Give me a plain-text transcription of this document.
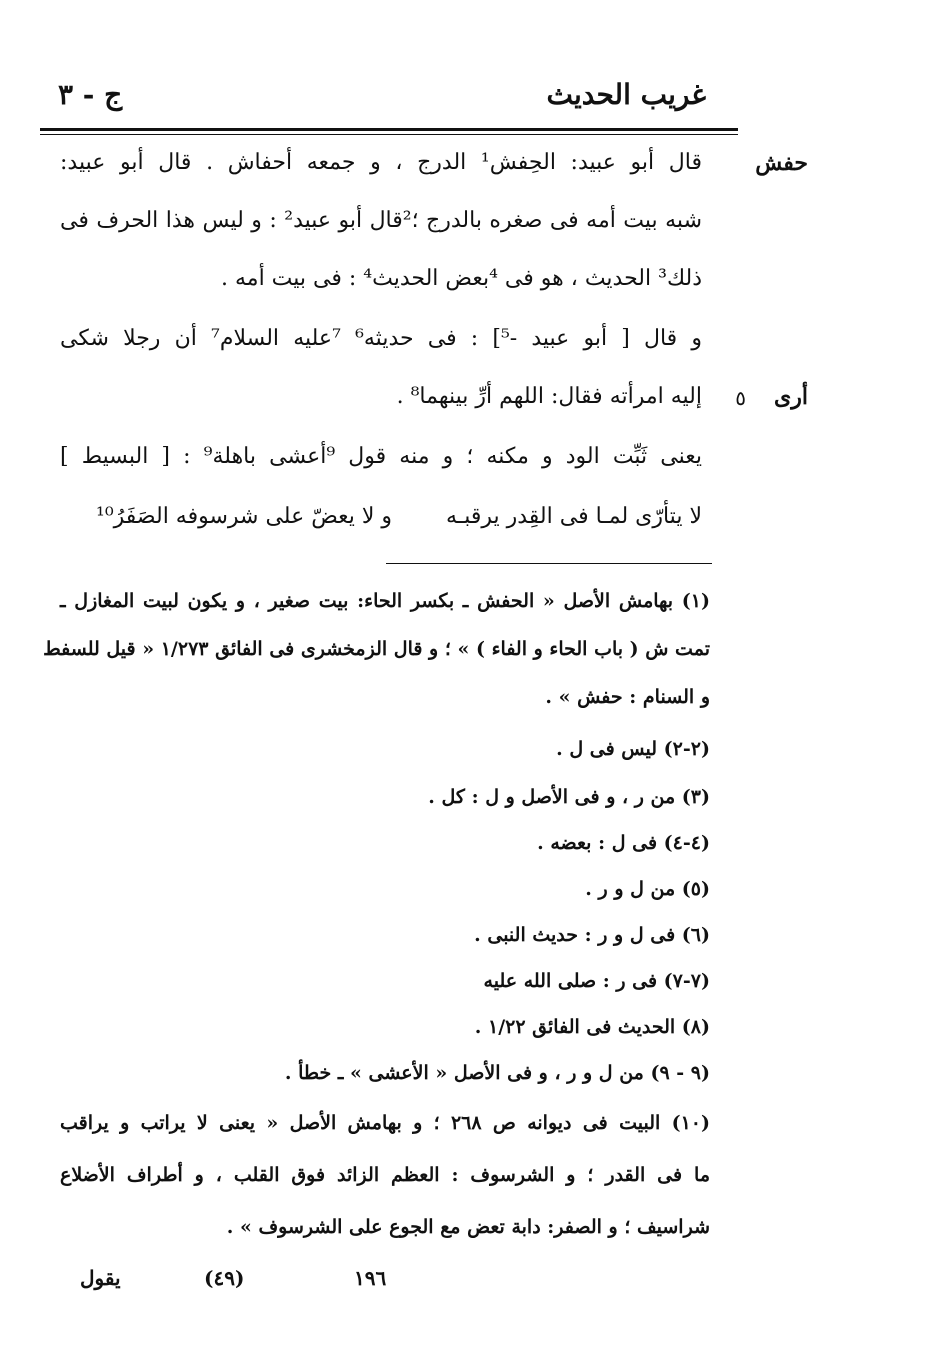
غريب الحديث
ج - ٣
حفش
أرى
قال أبو عبيد: الحِفش¹ الدرج ، و جمعه أحفاش . قال أبو عبيد:
شبه بيت أمه فى صغره بالدرج ؛²قال أبو عبيد² : و ليس هذا الحرف فى
ذلك³ الحديث ، هو فى ⁴بعض الحديث⁴ : فى بيت أمه .
و قال [ أبو عبيد -⁵] : فى حديثه⁶ ⁷عليه السلام⁷ أن رجلا شكى
٥
إليه امرأته فقال: اللهم أرِّ بينهما⁸ .
يعنى ثَبِّت الود و مكنه ؛ و منه قول ⁹أعشى باهلة⁹ : [ البسيط ]
لا يتأرّى لمـا فى القِدر يرقبـه
و لا يعضّ على شرسوفه الصَفَرُ¹⁰
(١) بهامش الأصل « الحفش ـ بكسر الحاء: بيت صغير ، و يكون لبيت المغازل ـ
تمت ش ( باب الحاء و الفاء ) » ؛ و قال الزمخشرى فى الفائق ١/٢٧٣ « قيل للسفط
و السنام : حفش » .
(٢-٢) ليس فى ل .
(٣) من ر ، و فى الأصل و ل : كل .
(٤-٤) فى ل : بعضه .
(٥) من ل و ر .
(٦) فى ل و ر : حديث النبى .
(٧-٧) فى ر : صلى الله عليه
(٨) الحديث فى الفائق ١/٢٢ .
(٩ - ٩) من ل و ر ، و فى الأصل « الأعشى » ـ خطأ .
(١٠) البيت فى ديوانه ص ٢٦٨ ؛ و بهامش الأصل « يعنى لا يراتب و يراقب
ما فى القدر ؛ و الشرسوف : العظم الزائد فوق القلب ، و أطراف الأضلاع
شراسيف ؛ و الصفر: دابة تعض مع الجوع على الشرسوف » .
١٩٦
(٤٩)
يقول
